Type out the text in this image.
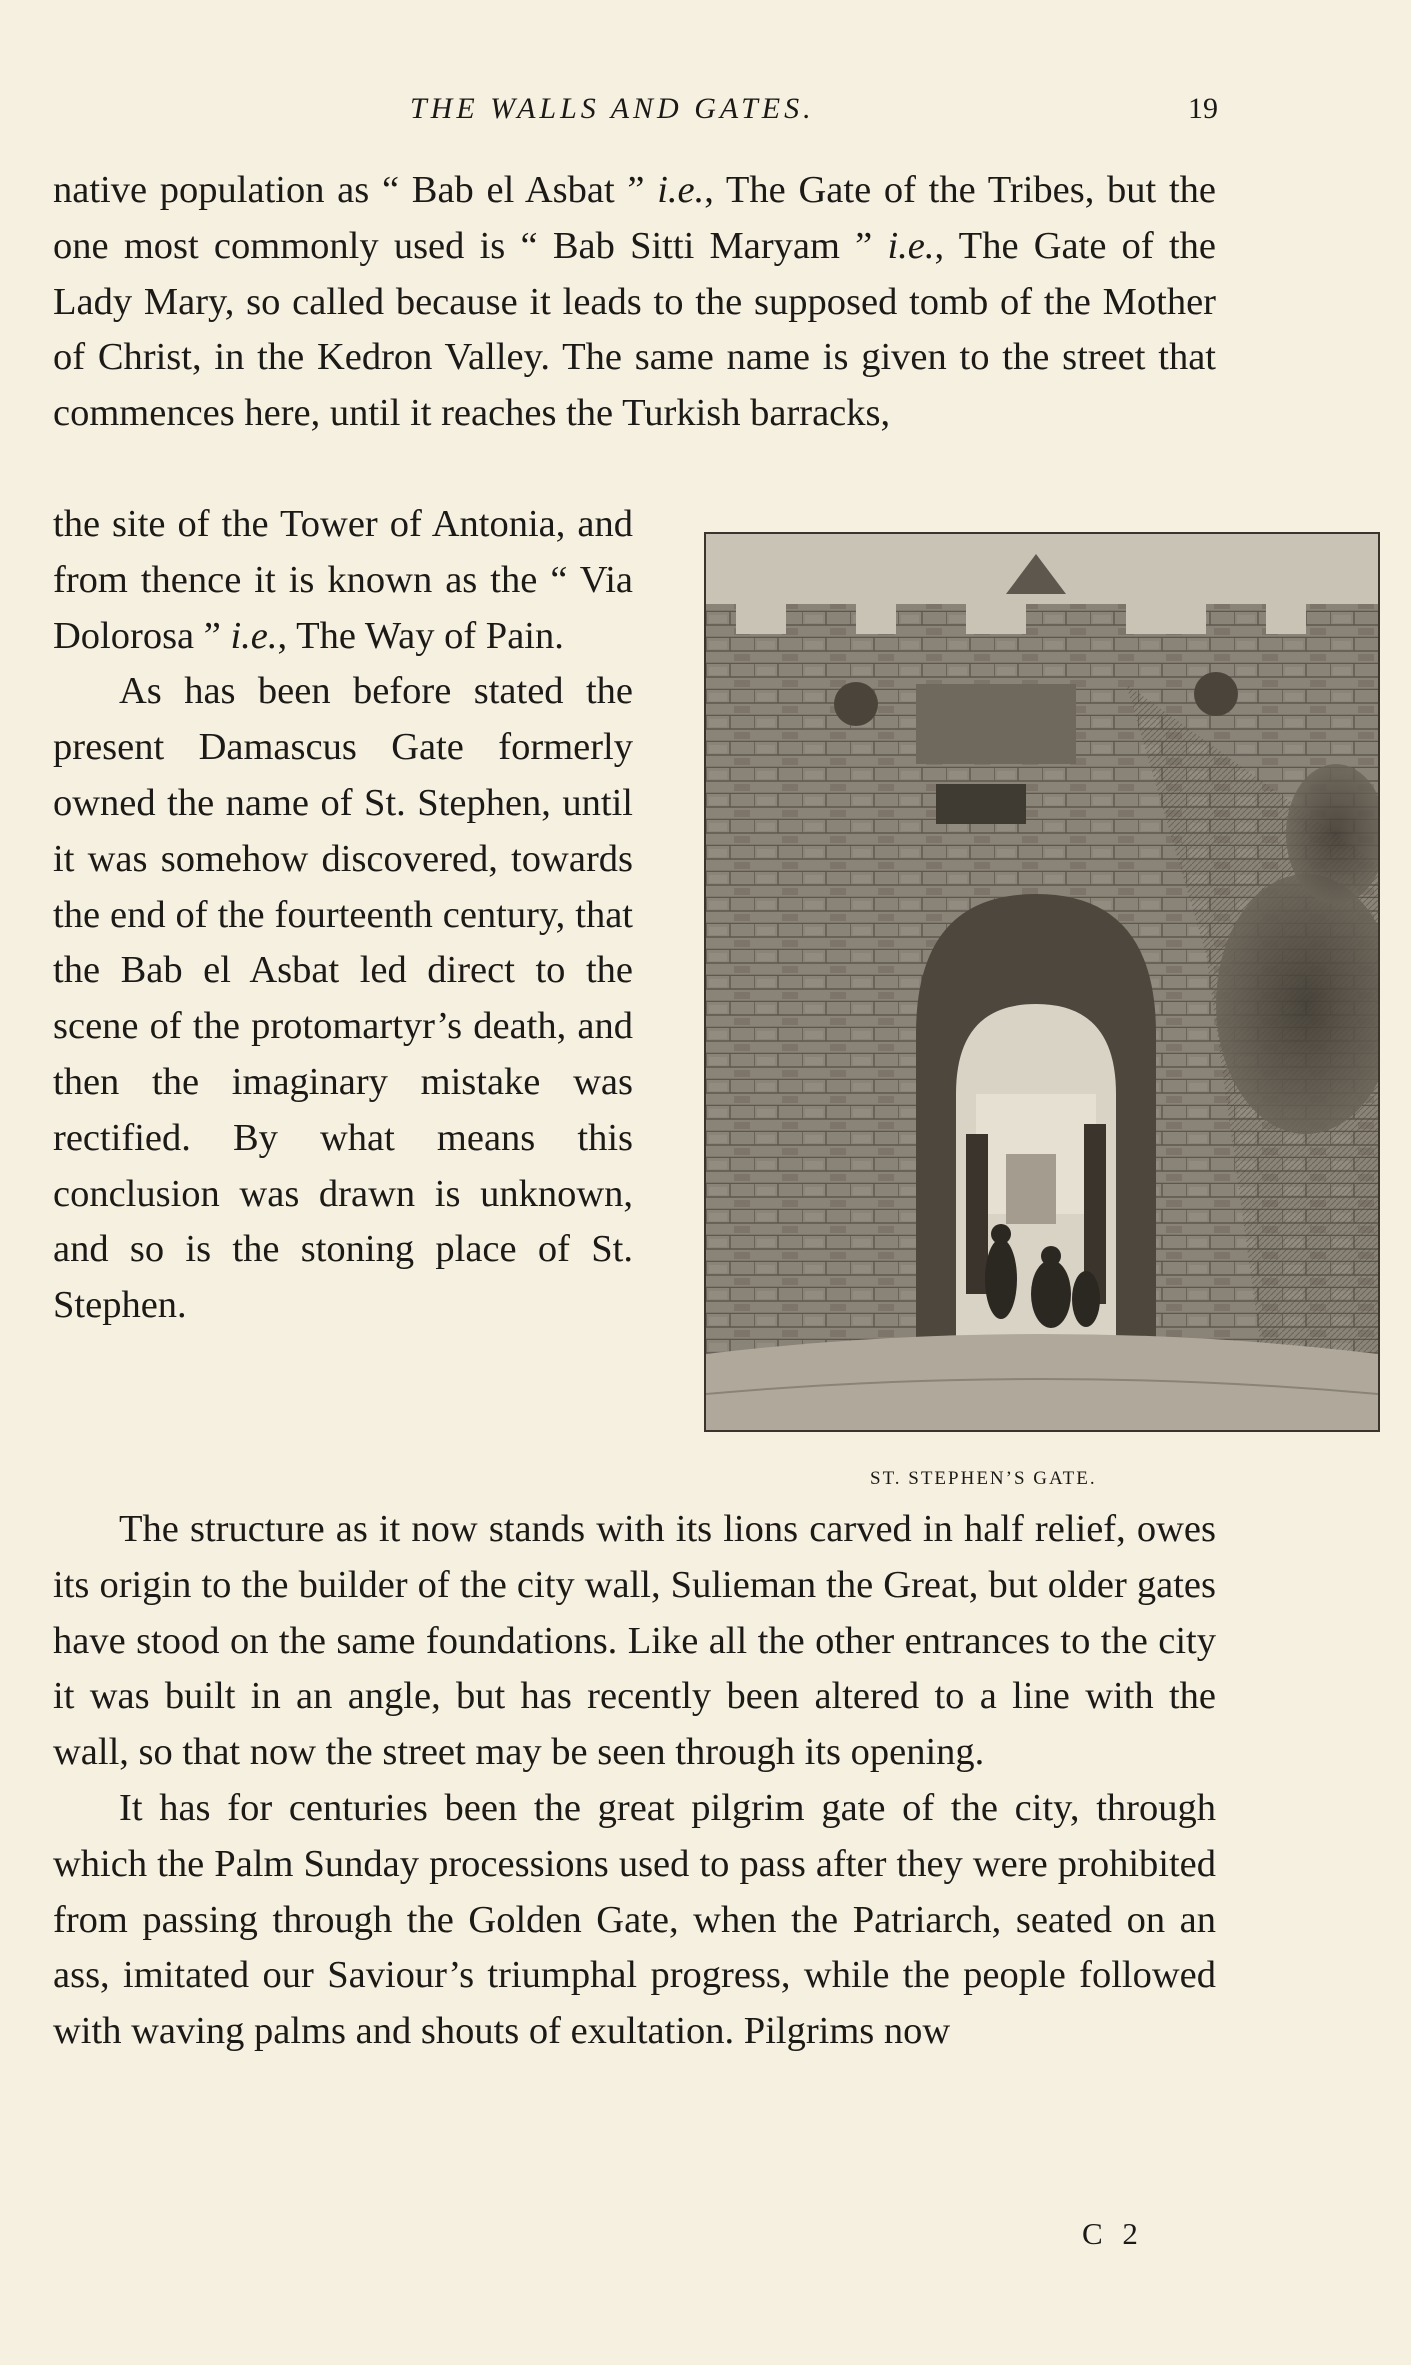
THE WALLS AND GATES.	19

native population as “ Bab el Asbat ” i.e., The Gate of the Tribes, but the one most commonly used is “ Bab Sitti Maryam ” i.e., The Gate of the Lady Mary, so called because it leads to the supposed tomb of the Mother of Christ, in the Kedron Valley. The same name is given to the street that commences here, until it reaches the Turkish barracks,

the site of the Tower of Antonia, and from thence it is known as the “ Via Dolorosa ” i.e., The Way of Pain.

As has been before stated the present Damascus Gate formerly owned the name of St. Stephen, until it was somehow discovered, towards the end of the fourteenth century, that the Bab el Asbat led direct to the scene of the protomartyr’s death, and then the imaginary mistake was rectified. By what means this conclusion was drawn is unknown, and so is the stoning place of St. Stephen.

ST. STEPHEN’S GATE.

The structure as it now stands with its lions carved in half relief, owes its origin to the builder of the city wall, Sulieman the Great, but older gates have stood on the same foundations. Like all the other entrances to the city it was built in an angle, but has recently been altered to a line with the wall, so that now the street may be seen through its opening.

It has for centuries been the great pilgrim gate of the city, through which the Palm Sunday processions used to pass after they were prohibited from passing through the Golden Gate, when the Patriarch, seated on an ass, imitated our Saviour’s triumphal progress, while the people followed with waving palms and shouts of exultation. Pilgrims now

C 2
